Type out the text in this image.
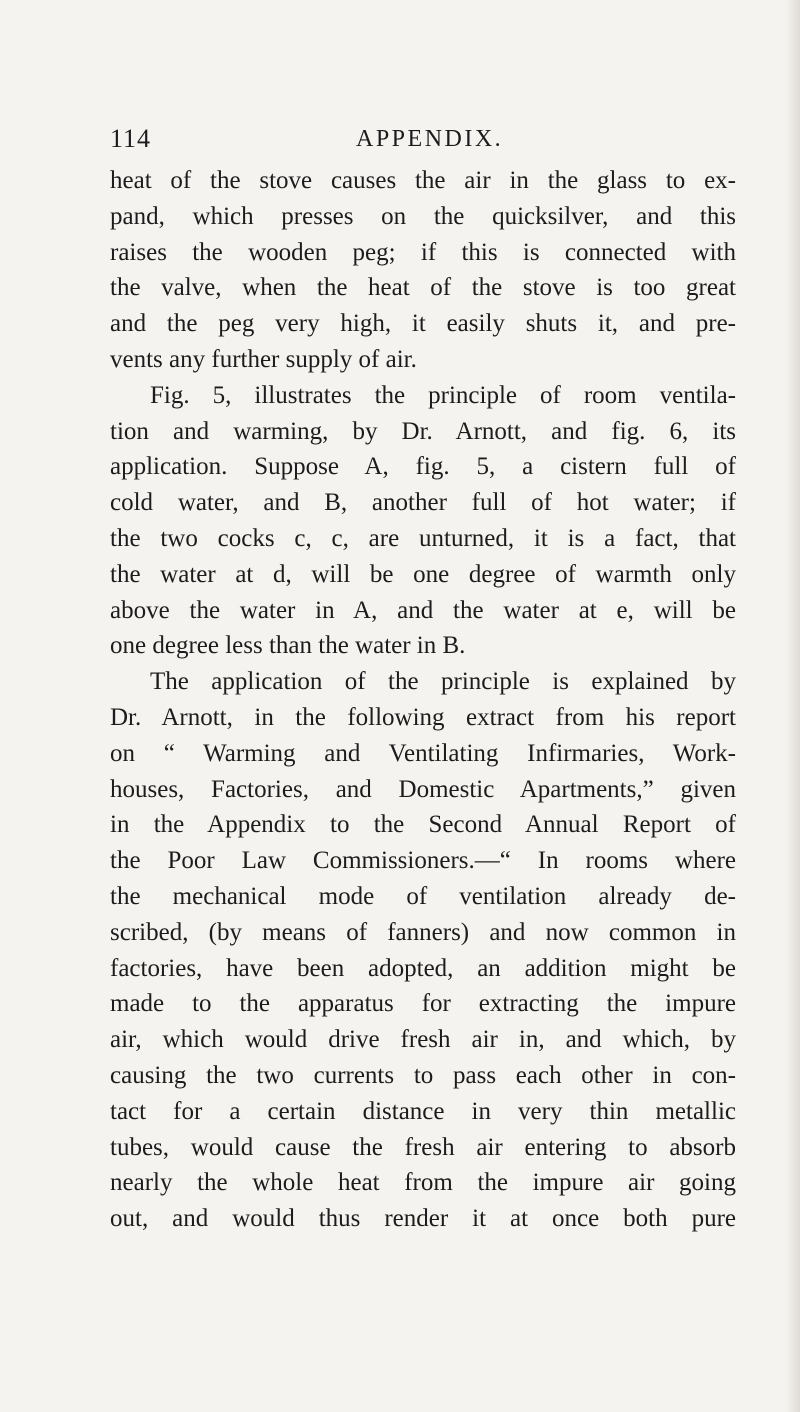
114	APPENDIX.
heat of the stove causes the air in the glass to ex-
pand, which presses on the quicksilver, and this
raises the wooden peg; if this is connected with
the valve, when the heat of the stove is too great
and the peg very high, it easily shuts it, and pre-
vents any further supply of air.
Fig. 5, illustrates the principle of room ventila-
tion and warming, by Dr. Arnott, and fig. 6, its
application. Suppose A, fig. 5, a cistern full of
cold water, and B, another full of hot water; if
the two cocks c, c, are unturned, it is a fact, that
the water at d, will be one degree of warmth only
above the water in A, and the water at e, will be
one degree less than the water in B.
The application of the principle is explained by
Dr. Arnott, in the following extract from his report
on “ Warming and Ventilating Infirmaries, Work-
houses, Factories, and Domestic Apartments,” given
in the Appendix to the Second Annual Report of
the Poor Law Commissioners.—“ In rooms where
the mechanical mode of ventilation already de-
scribed, (by means of fanners) and now common in
factories, have been adopted, an addition might be
made to the apparatus for extracting the impure
air, which would drive fresh air in, and which, by
causing the two currents to pass each other in con-
tact for a certain distance in very thin metallic
tubes, would cause the fresh air entering to absorb
nearly the whole heat from the impure air going
out, and would thus render it at once both pure
